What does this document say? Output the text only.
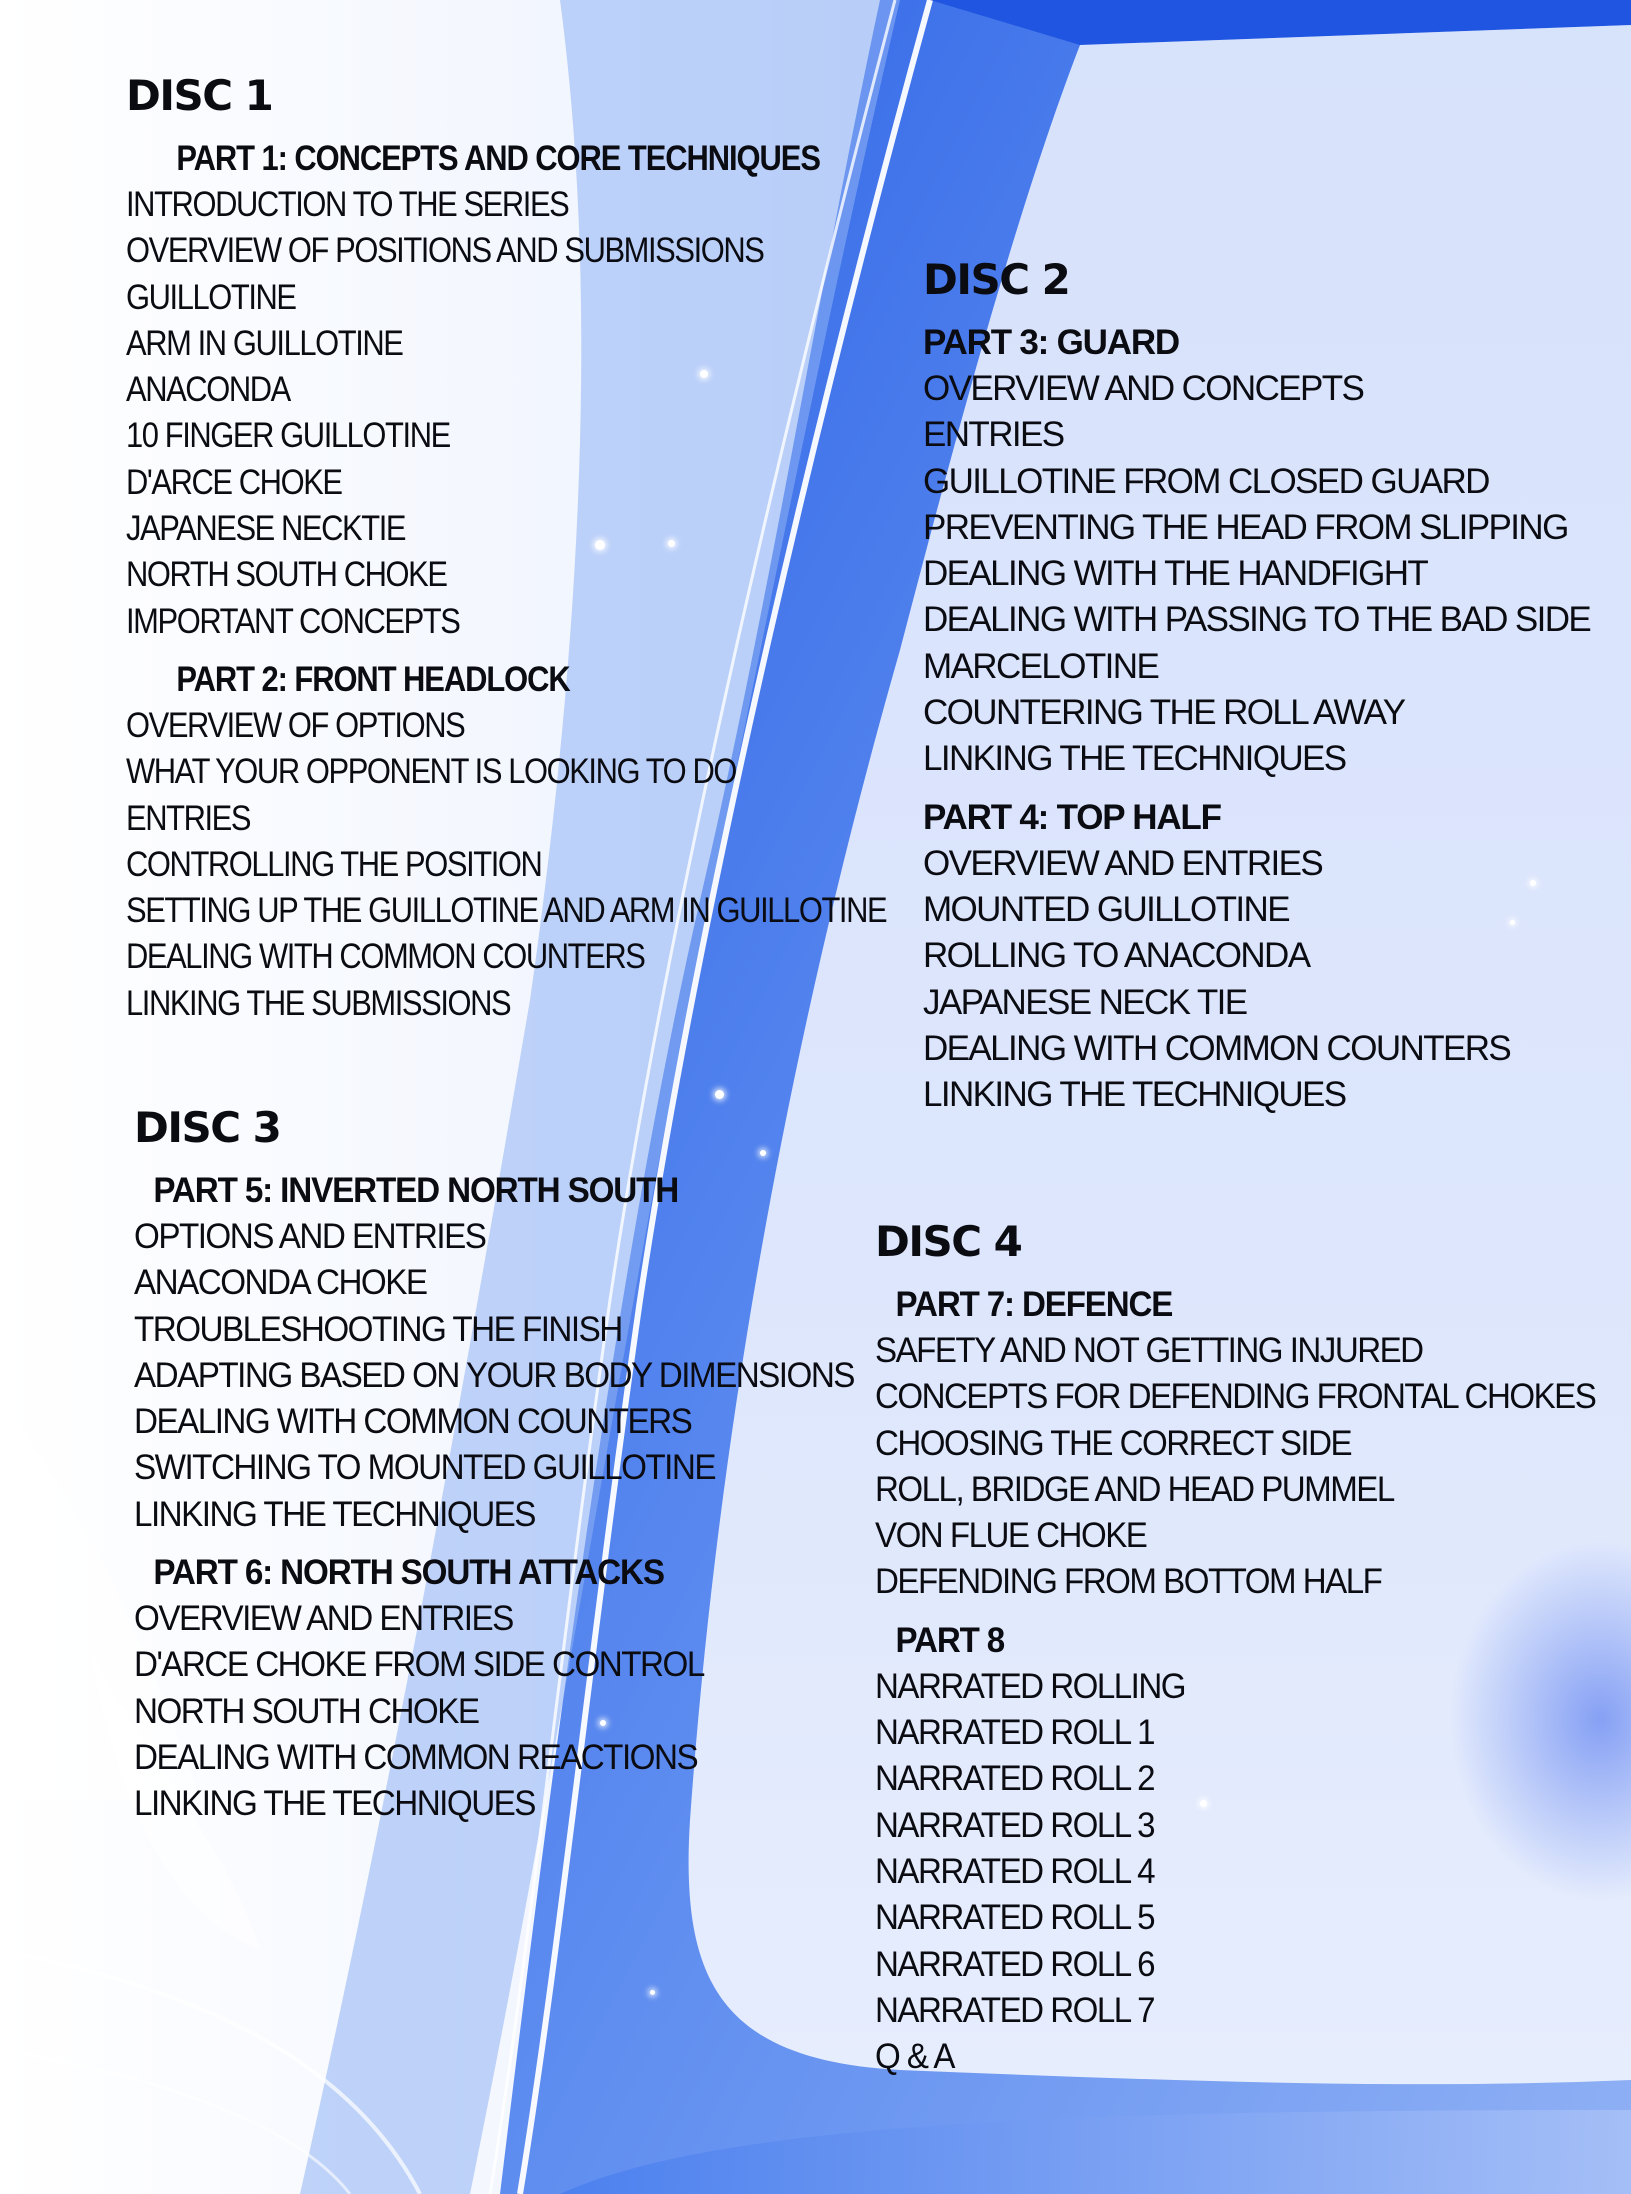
DISC 1
PART 1: CONCEPTS AND CORE TECHNIQUES
INTRODUCTION TO THE SERIES
OVERVIEW OF POSITIONS AND SUBMISSIONS
GUILLOTINE
ARM IN GUILLOTINE
ANACONDA
10 FINGER GUILLOTINE
D'ARCE CHOKE
JAPANESE NECKTIE
NORTH SOUTH CHOKE
IMPORTANT CONCEPTS
PART 2: FRONT HEADLOCK
OVERVIEW OF OPTIONS
WHAT YOUR OPPONENT IS LOOKING TO DO
ENTRIES
CONTROLLING THE POSITION
SETTING UP THE GUILLOTINE AND ARM IN GUILLOTINE
DEALING WITH COMMON COUNTERS
LINKING THE SUBMISSIONS
DISC 2
PART 3: GUARD
OVERVIEW AND CONCEPTS
ENTRIES
GUILLOTINE FROM CLOSED GUARD
PREVENTING THE HEAD FROM SLIPPING
DEALING WITH THE HANDFIGHT
DEALING WITH PASSING TO THE BAD SIDE
MARCELOTINE
COUNTERING THE ROLL AWAY
LINKING THE TECHNIQUES
PART 4: TOP HALF
OVERVIEW AND ENTRIES
MOUNTED GUILLOTINE
ROLLING TO ANACONDA
JAPANESE NECK TIE
DEALING WITH COMMON COUNTERS
LINKING THE TECHNIQUES
DISC 3
PART 5: INVERTED NORTH SOUTH
OPTIONS AND ENTRIES
ANACONDA CHOKE
TROUBLESHOOTING THE FINISH
ADAPTING BASED ON YOUR BODY DIMENSIONS
DEALING WITH COMMON COUNTERS
SWITCHING TO MOUNTED GUILLOTINE
LINKING THE TECHNIQUES
PART 6: NORTH SOUTH ATTACKS
OVERVIEW AND ENTRIES
D'ARCE CHOKE FROM SIDE CONTROL
NORTH SOUTH CHOKE
DEALING WITH COMMON REACTIONS
LINKING THE TECHNIQUES
DISC 4
PART 7: DEFENCE
SAFETY AND NOT GETTING INJURED
CONCEPTS FOR DEFENDING FRONTAL CHOKES
CHOOSING THE CORRECT SIDE
ROLL, BRIDGE AND HEAD PUMMEL
VON FLUE CHOKE
DEFENDING FROM BOTTOM HALF
PART 8
NARRATED ROLLING
NARRATED ROLL 1
NARRATED ROLL 2
NARRATED ROLL 3
NARRATED ROLL 4
NARRATED ROLL 5
NARRATED ROLL 6
NARRATED ROLL 7
Q & A
